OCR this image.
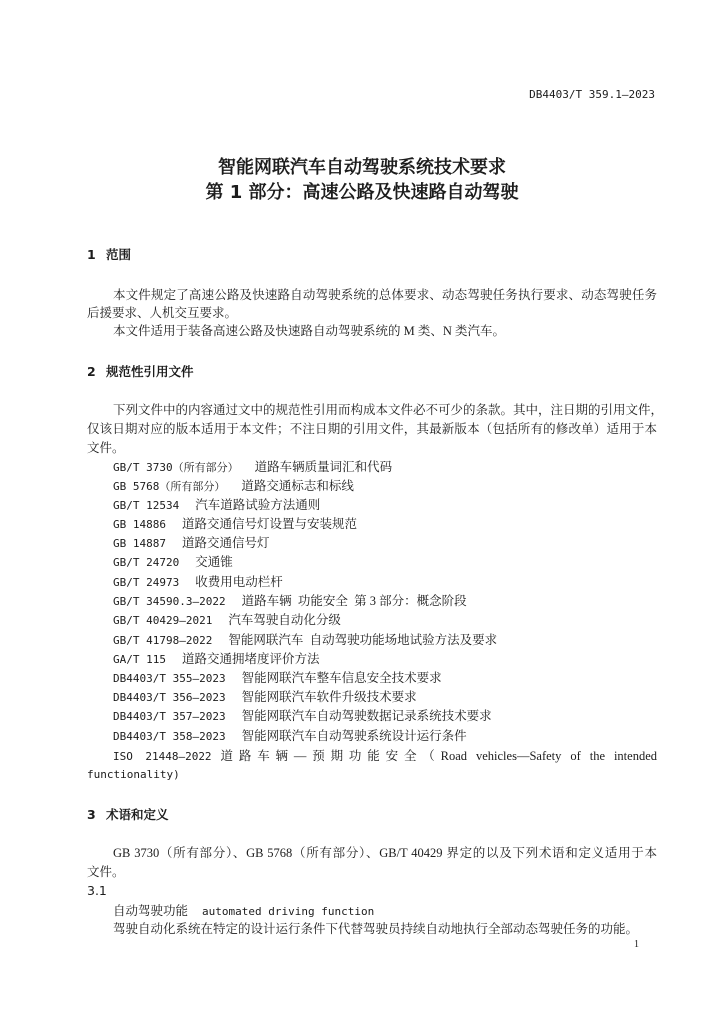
DB4403/T 359.1—2023
智能网联汽车自动驾驶系统技术要求
第 1 部分：高速公路及快速路自动驾驶
1 范围
本文件规定了高速公路及快速路自动驾驶系统的总体要求、动态驾驶任务执行要求、动态驾驶任务
后援要求、人机交互要求。
本文件适用于装备高速公路及快速路自动驾驶系统的 M 类、N 类汽车。
2 规范性引用文件
下列文件中的内容通过文中的规范性引用而构成本文件必不可少的条款。其中，注日期的引用文件，
仅该日期对应的版本适用于本文件；不注日期的引用文件，其最新版本（包括所有的修改单）适用于本
文件。
GB/T 3730（所有部分） 道路车辆质量词汇和代码
GB 5768（所有部分） 道路交通标志和标线
GB/T 12534 汽车道路试验方法通则
GB 14886 道路交通信号灯设置与安装规范
GB 14887 道路交通信号灯
GB/T 24720 交通锥
GB/T 24973 收费用电动栏杆
GB/T 34590.3—2022 道路车辆  功能安全  第 3 部分：概念阶段
GB/T 40429—2021 汽车驾驶自动化分级
GB/T 41798—2022 智能网联汽车  自动驾驶功能场地试验方法及要求
GA/T 115 道路交通拥堵度评价方法
DB4403/T 355—2023 智能网联汽车整车信息安全技术要求
DB4403/T 356—2023 智能网联汽车软件升级技术要求
DB4403/T 357—2023 智能网联汽车自动驾驶数据记录系统技术要求
DB4403/T 358—2023 智能网联汽车自动驾驶系统设计运行条件
ISO 21448—2022 道路车辆—预期功能安全（Road vehicles—Safety of the intended
functionality)
3 术语和定义
GB 3730（所有部分）、GB 5768（所有部分）、GB/T 40429 界定的以及下列术语和定义适用于本
文件。
3.1
自动驾驶功能 automated driving function
驾驶自动化系统在特定的设计运行条件下代替驾驶员持续自动地执行全部动态驾驶任务的功能。
1
